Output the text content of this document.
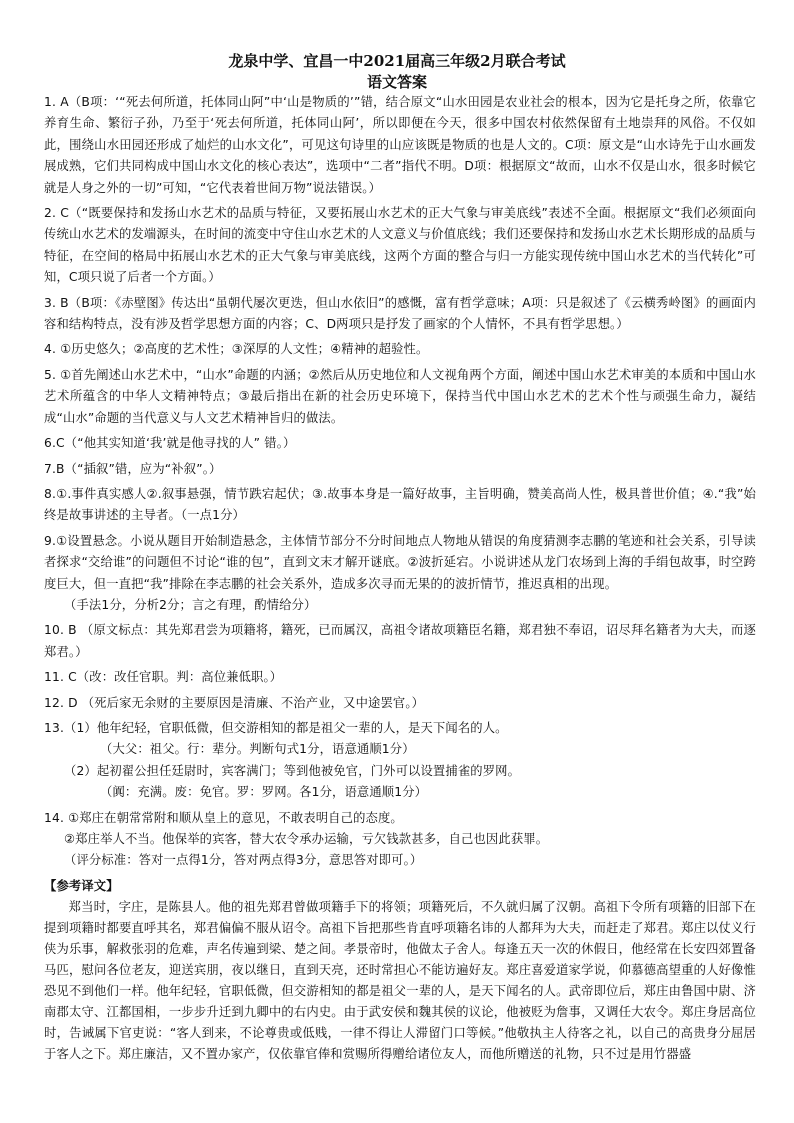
龙泉中学、宜昌一中2021届高三年级2月联合考试
语文答案
1. A（B项：‘“死去何所道，托体同山阿”中‘山是物质的’”错，结合原文“山水田园是农业社会的根本，因为它是托身之所，依靠它养育生命、繁衍子孙，乃至于‘死去何所道，托体同山阿’，所以即便在今天，很多中国农村依然保留有土地崇拜的风俗。不仅如此，围绕山水田园还形成了灿烂的山水文化”，可见这句诗里的山应该既是物质的也是人文的。C项：原文是“山水诗先于山水画发展成熟，它们共同构成中国山水文化的核心表达”，选项中“二者”指代不明。D项：根据原文“故而，山水不仅是山水，很多时候它就是人身之外的一切”可知，“它代表着世间万物”说法错误。）
2. C（“既要保持和发扬山水艺术的品质与特征，又要拓展山水艺术的正大气象与审美底线”表述不全面。根据原文“我们必须面向传统山水艺术的发端源头，在时间的流变中守住山水艺术的人文意义与价值底线；我们还要保持和发扬山水艺术长期形成的品质与特征，在空间的格局中拓展山水艺术的正大气象与审美底线，这两个方面的整合与归一方能实现传统中国山水艺术的当代转化”可知，C项只说了后者一个方面。）
3. B（B项：《赤壁图》传达出“虽朝代屡次更迭，但山水依旧”的感慨，富有哲学意味；A项：只是叙述了《云横秀岭图》的画面内容和结构特点，没有涉及哲学思想方面的内容；C、D两项只是抒发了画家的个人情怀，不具有哲学思想。）
4. ①历史悠久；②高度的艺术性；③深厚的人文性；④精神的超验性。
5. ①首先阐述山水艺术中，“山水”命题的内涵；②然后从历史地位和人文视角两个方面，阐述中国山水艺术审美的本质和中国山水艺术所蕴含的中华人文精神特点；③最后指出在新的社会历史环境下，保持当代中国山水艺术的艺术个性与顽强生命力，凝结成“山水”命题的当代意义与人文艺术精神旨归的做法。
6.C（“他其实知道‘我’就是他寻找的人” 错。）
7.B（“插叙”错，应为“补叙”。）
8.①.事件真实感人②.叙事悬强，情节跌宕起伏；③.故事本身是一篇好故事，主旨明确，赞美高尚人性，极具普世价值；④.“我”始终是故事讲述的主导者。（一点1分）
9.①设置悬念。小说从题目开始制造悬念，主体情节部分不分时间地点人物地从错误的角度猜测李志鹏的笔迹和社会关系，引导读者探求“交给谁”的问题但不讨论“谁的包”，直到文末才解开谜底。②波折延宕。小说讲述从龙门农场到上海的手绢包故事，时空跨度巨大，但一直把“我”排除在李志鹏的社会关系外，造成多次寻而无果的的波折情节，推迟真相的出现。
（手法1分，分析2分；言之有理，酌情给分）
10. B （原文标点：其先郑君尝为项籍将，籍死，已而属汉，高祖令诸故项籍臣名籍，郑君独不奉诏，诏尽拜名籍者为大夫，而逐郑君。）
11. C（改：改任官职。判：高位兼低职。）
12. D （死后家无余财的主要原因是清廉、不治产业，又中途罢官。）
13.（1）他年纪轻，官职低微，但交游相知的都是祖父一辈的人，是天下闻名的人。
（大父：祖父。行：辈分。判断句式1分，语意通顺1分）
（2）起初翟公担任廷尉时，宾客满门；等到他被免官，门外可以设置捕雀的罗网。
（阗：充满。废：免官。罗：罗网。各1分，语意通顺1分）
14. ①郑庄在朝常常附和顺从皇上的意见，不敢表明自己的态度。
②郑庄举人不当。他保举的宾客，替大农令承办运输，亏欠钱款甚多，自己也因此获罪。
（评分标准：答对一点得1分，答对两点得3分，意思答对即可。）
【参考译文】
郑当时，字庄，是陈县人。他的祖先郑君曾做项籍手下的将领；项籍死后，不久就归属了汉朝。高祖下令所有项籍的旧部下在提到项籍时都要直呼其名，郑君偏偏不服从诏令。高祖下旨把那些肯直呼项籍名讳的人都拜为大夫，而赶走了郑君。郑庄以仗义行侠为乐事，解救张羽的危难，声名传遍到梁、楚之间。孝景帝时，他做太子舍人。每逢五天一次的休假日，他经常在长安四郊置备马匹，慰问各位老友，迎送宾朋，夜以继日，直到天亮，还时常担心不能访遍好友。郑庄喜爱道家学说，仰慕德高望重的人好像惟恐见不到他们一样。他年纪轻，官职低微，但交游相知的都是祖父一辈的人，是天下闻名的人。武帝即位后，郑庄由鲁国中尉、济南郡太守、江都国相，一步步升迁到九卿中的右内史。由于武安侯和魏其侯的议论，他被贬为詹事，又调任大农令。郑庄身居高位时，告诫属下官吏说：“客人到来，不论尊贵或低贱，一律不得让人滞留门口等候。”他敬执主人待客之礼，以自己的高贵身分屈居于客人之下。郑庄廉洁，又不置办家产，仅依靠官俸和赏赐所得赠给诸位友人，而他所赠送的礼物，只不过是用竹器盛
